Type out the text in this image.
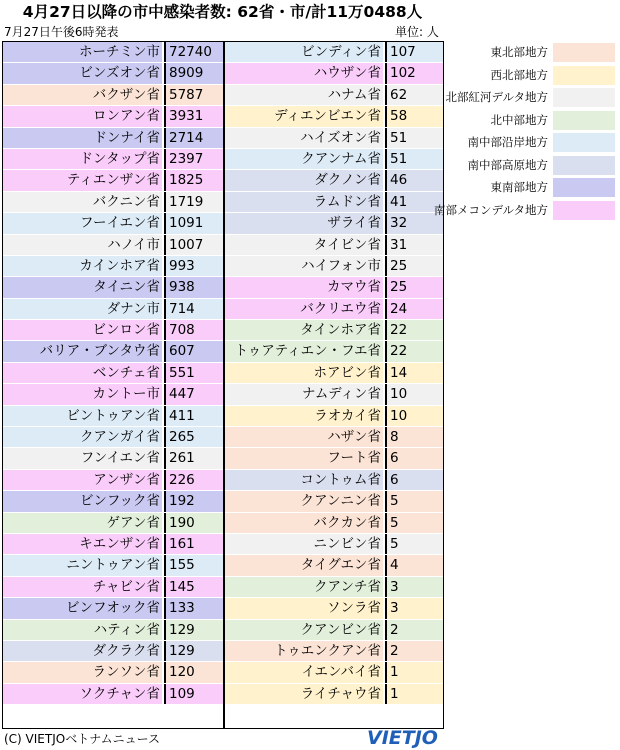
4月27日以降の市中感染者数: 62省・市/計11万0488人
7月27日午後6時発表	単位: 人
ホーチミン市 72740
ビンズオン省 8909
バクザン省 5787
ロンアン省 3931
ドンナイ省 2714
ドンタップ省 2397
ティエンザン省 1825
バクニン省 1719
フーイエン省 1091
ハノイ市 1007
カインホア省 993
タイニン省 938
ダナン市 714
ビンロン省 708
バリア・ブンタウ省 607
ベンチェ省 551
カントー市 447
ビントゥアン省 411
クアンガイ省 265
フンイエン省 261
アンザン省 226
ビンフック省 192
ゲアン省 190
キエンザン省 161
ニントゥアン省 155
チャビン省 145
ビンフオック省 133
ハティン省 129
ダクラク省 129
ランソン省 120
ソクチャン省 109
ビンディン省 107
ハウザン省 102
ハナム省 62
ディエンビエン省 58
ハイズオン省 51
クアンナム省 51
ダクノン省 46
ラムドン省 41
ザライ省 32
タイビン省 31
ハイフォン市 25
カマウ省 25
バクリエウ省 24
タインホア省 22
トゥアティエン・フエ省 22
ホアビン省 14
ナムディン省 10
ラオカイ省 10
ハザン省 8
フート省 6
コントゥム省 6
クアンニン省 5
バクカン省 5
ニンビン省 5
タイグエン省 4
クアンチ省 3
ソンラ省 3
クアンビン省 2
トゥエンクアン省 2
イエンバイ省 1
ライチャウ省 1
東北部地方
西北部地方
北部紅河デルタ地方
北中部地方
南中部沿岸地方
南中部高原地方
東南部地方
南部メコンデルタ地方
(C) VIETJOベトナムニュース	VIETJO
